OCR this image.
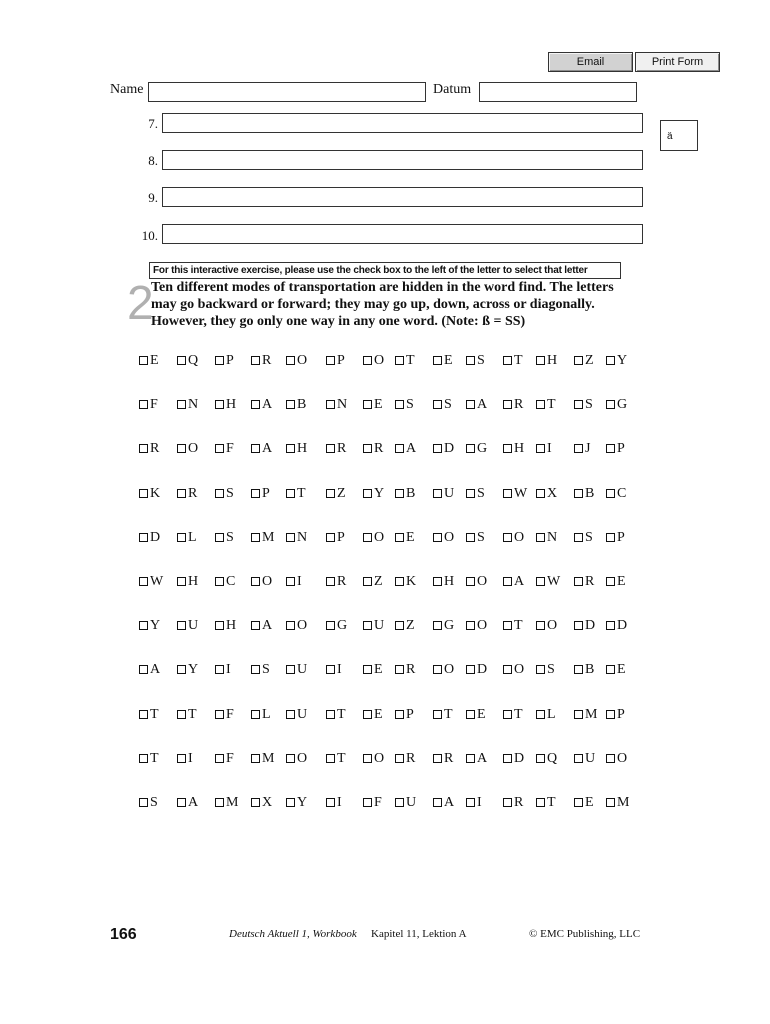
Email	Print Form
Name	Datum
7.
8.
9.
10.
ä
For this interactive exercise, please use the check box to the left of the letter to select that letter
2
Ten different modes of transportation are hidden in the word find. The letters may go backward or forward; they may go up, down, across or diagonally. However, they go only one way in any one word. (Note: ß = SS)
E Q P R O P O T E S T H Z Y
F N H A B N E S S A R T S G
R O F A H R R A D G H I J P
K R S P T Z Y B U S W X B C
D L S M N P O E O S O N S P
W H C O I	R Z K H O A W R E
Y U H A O G U Z G O T O D D
A Y I S U I E R O D O S B E
T T F L U T E P T E T L M P
T I F M O T O R R A D Q U O
S A M X Y I F U A I R T E M
166	Deutsch Aktuell 1, Workbook Kapitel 11, Lektion A	© EMC Publishing, LLC
